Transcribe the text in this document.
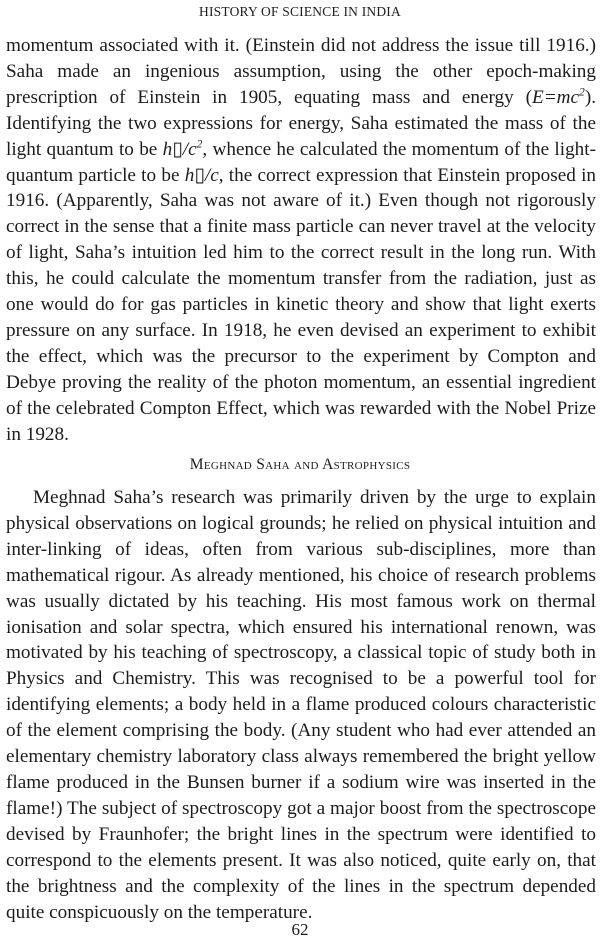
HISTORY OF SCIENCE IN INDIA

momentum associated with it. (Einstein did not address the issue till 1916.) Saha made an ingenious assumption, using the other epoch-making prescription of Einstein in 1905, equating mass and energy $(E=mc^2)$. Identifying the two expressions for energy, Saha estimated the mass of the light quantum to be $h▯/c^2$, whence he calculated the momentum of the light-quantum particle to be h▯/c, the correct expression that Einstein proposed in 1916. (Apparently, Saha was not aware of it.) Even though not rigorously correct in the sense that a finite mass particle can never travel at the velocity of light, Saha’s intuition led him to the correct result in the long run. With this, he could calculate the momentum transfer from the radiation, just as one would do for gas particles in kinetic theory and show that light exerts pressure on any surface. In 1918, he even devised an experiment to exhibit the effect, which was the precursor to the experiment by Compton and Debye proving the reality of the photon momentum, an essential ingredient of the celebrated Compton Effect, which was rewarded with the Nobel Prize in 1928.

Meghnad Saha and Astrophysics

Meghnad Saha’s research was primarily driven by the urge to explain physical observations on logical grounds; he relied on physical intuition and inter-linking of ideas, often from various sub-disciplines, more than mathematical rigour. As already mentioned, his choice of research problems was usually dictated by his teaching. His most famous work on thermal ionisation and solar spectra, which ensured his international renown, was motivated by his teaching of spectroscopy, a classical topic of study both in Physics and Chemistry. This was recognised to be a powerful tool for identifying elements; a body held in a flame produced colours characteristic of the element comprising the body. (Any student who had ever attended an elementary chemistry laboratory class always remembered the bright yellow flame produced in the Bunsen burner if a sodium wire was inserted in the flame!) The subject of spectroscopy got a major boost from the spectroscope devised by Fraunhofer; the bright lines in the spectrum were identified to correspond to the elements present. It was also noticed, quite early on, that the brightness and the complexity of the lines in the spectrum depended quite conspicuously on the temperature.

62
